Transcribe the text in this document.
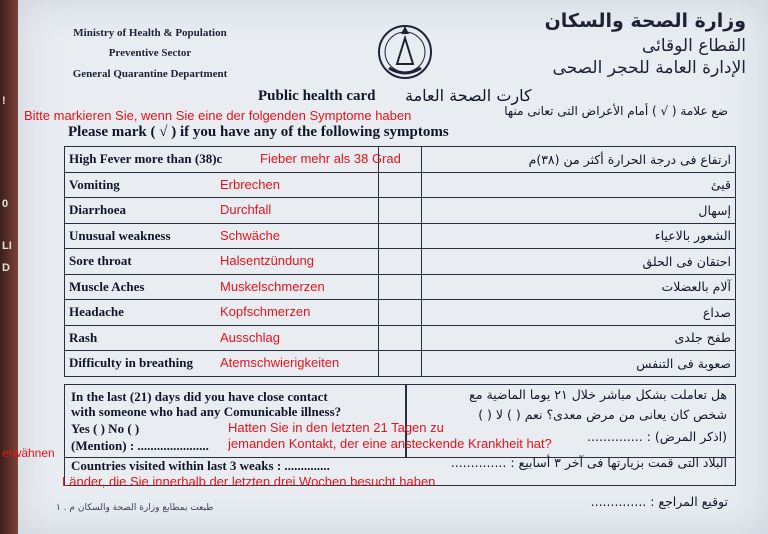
!
0
LI
D
Ministry of Health & Population
Preventive Sector
General Quarantine Department
وزارة الصحة والسكان
القطاع الوقائى
الإدارة العامة للحجر الصحى
Public health card كارت الصحة العامة
ضع علامة ( √ ) أمام الأعراض التى تعانى منها
Bitte markieren Sie, wenn Sie eine der folgenden Symptome haben
Please mark ( √ ) if you have any of the following symptoms
High Fever more than (38)c Fieber mehr als 38 Grad		ارتفاع فى درجة الحرارة أكثر من (٣٨)م
Vomiting Erbrechen		قيئ
Diarrhoea Durchfall		إسهال
Unusual weakness Schwäche		الشعور بالاعياء
Sore throat Halsentzündung		احتقان فى الحلق
Muscle Aches Muskelschmerzen		آلام بالعضلات
Headache Kopfschmerzen		صداع
Rash Ausschlag		طفح جلدى
Difficulty in breathing Atemschwierigkeiten		صعوبة فى التنفس
In the last (21) days did you have close contact
with someone who had any Comunicable illness?
Yes ( ) No ( )
(Mention) : ......................
هل تعاملت بشكل مباشر خلال ٢١ يوما الماضية مع
شخص كان يعانى من مرض معدى؟ نعم ( ) لا ( )
(اذكر المرض) : ..............
Hatten Sie in den letzten 21 Tagen zu
jemanden Kontakt, der eine ansteckende Krankheit hat?
erwähnen
Countries visited within last 3 weaks : ..............	البلاد التى قمت بزيارتها فى آخر ٣ أسابيع : ..............
Länder, die Sie innerhalb der letzten drei Wochen besucht haben
توقيع المراجع : ..............
طبعت بمطابع وزارة الصحة والسكان م . ١
